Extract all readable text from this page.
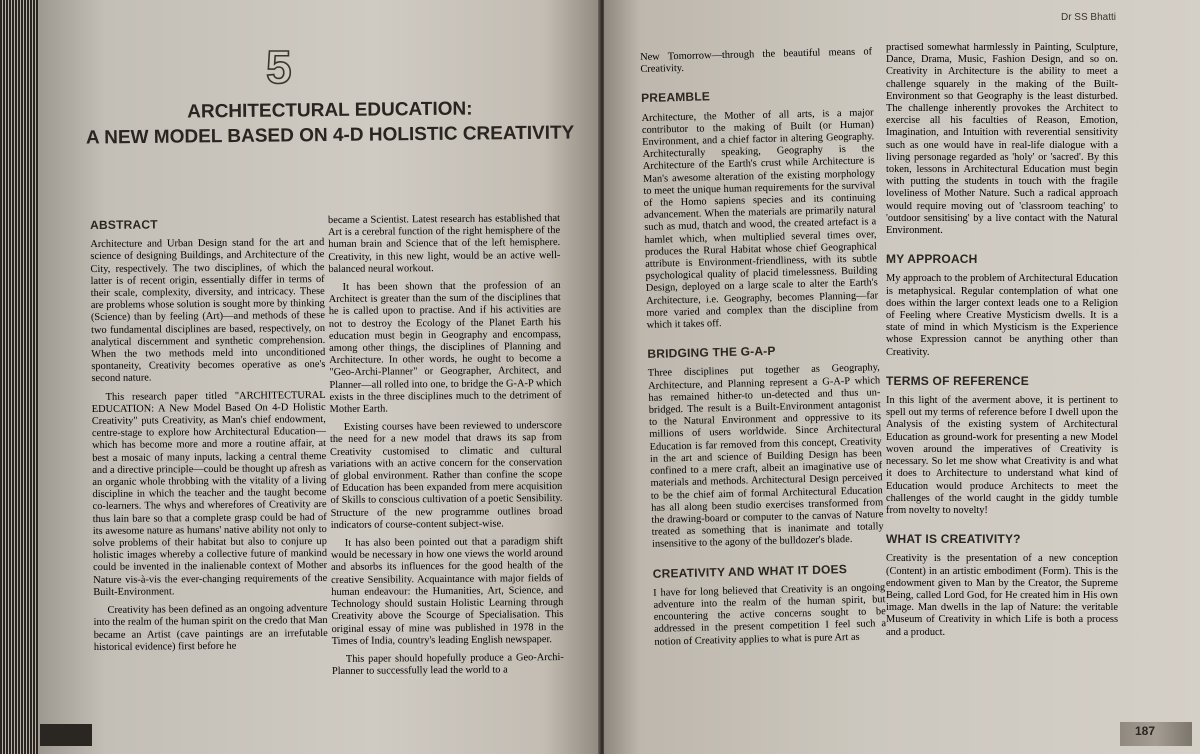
5
ARCHITECTURAL EDUCATION:
A NEW MODEL BASED ON 4-D HOLISTIC CREATIVITY
ABSTRACT

Architecture and Urban Design stand for the art and science of designing Buildings, and Architecture of the City, respectively. The two disciplines, of which the latter is of recent origin, essentially differ in terms of their scale, complexity, diversity, and intricacy. These are problems whose solution is sought more by thinking (Science) than by feeling (Art)—and methods of these two fundamental disciplines are based, respectively, on analytical discernment and synthetic comprehension. When the two methods meld into unconditioned spontaneity, Creativity becomes operative as one's second nature.

This research paper titled "ARCHITECTURAL EDUCATION: A New Model Based On 4-D Holistic Creativity" puts Creativity, as Man's chief endowment, centre-stage to explore how Architectural Education—which has become more and more a routine affair, at best a mosaic of many inputs, lacking a central theme and a directive principle—could be thought up afresh as an organic whole throbbing with the vitality of a living discipline in which the teacher and the taught become co-learners. The whys and wherefores of Creativity are thus lain bare so that a complete grasp could be had of its awesome nature as humans' native ability not only to solve problems of their habitat but also to conjure up holistic images whereby a collective future of mankind could be invented in the inalienable context of Mother Nature vis-à-vis the ever-changing requirements of the Built-Environment.

Creativity has been defined as an ongoing adventure into the realm of the human spirit on the credo that Man became an Artist (cave paintings are an irrefutable historical evidence) first before he

became a Scientist. Latest research has established that Art is a cerebral function of the right hemisphere of the human brain and Science that of the left hemisphere. Creativity, in this new light, would be an active well-balanced neural workout.

It has been shown that the profession of an Architect is greater than the sum of the disciplines that he is called upon to practise. And if his activities are not to destroy the Ecology of the Planet Earth his education must begin in Geography and encompass, among other things, the disciplines of Planning and Architecture. In other words, he ought to become a "Geo-Archi-Planner" or Geographer, Architect, and Planner—all rolled into one, to bridge the G-A-P which exists in the three disciplines much to the detriment of Mother Earth.

Existing courses have been reviewed to underscore the need for a new model that draws its sap from Creativity customised to climatic and cultural variations with an active concern for the conservation of global environment. Rather than confine the scope of Education has been expanded from mere acquisition of Skills to conscious cultivation of a poetic Sensibility. Structure of the new programme outlines broad indicators of course-content subject-wise.

It has also been pointed out that a paradigm shift would be necessary in how one views the world around and absorbs its influences for the good health of the creative Sensibility. Acquaintance with major fields of human endeavour: the Humanities, Art, Science, and Technology should sustain Holistic Learning through Creativity above the Scourge of Specialisation. This original essay of mine was published in 1978 in the Times of India, country's leading English newspaper.

This paper should hopefully produce a Geo-Archi-Planner to successfully lead the world to a

Dr SS Bhatti

New Tomorrow—through the beautiful means of Creativity.

PREAMBLE

Architecture, the Mother of all arts, is a major contributor to the making of Built (or Human) Environment, and a chief factor in altering Geography. Architecturally speaking, Geography is the Architecture of the Earth's crust while Architecture is Man's awesome alteration of the existing morphology to meet the unique human requirements for the survival of the Homo sapiens species and its continuing advancement. When the materials are primarily natural such as mud, thatch and wood, the created artefact is a hamlet which, when multiplied several times over, produces the Rural Habitat whose chief Geographical attribute is Environment-friendliness, with its subtle psychological quality of placid timelessness. Building Design, deployed on a large scale to alter the Earth's Architecture, i.e. Geography, becomes Planning—far more varied and complex than the discipline from which it takes off.

BRIDGING THE G-A-P

Three disciplines put together as Geography, Architecture, and Planning represent a G-A-P which has remained hither-to un-detected and thus un-bridged. The result is a Built-Environment antagonist to the Natural Environment and oppressive to its millions of users worldwide. Since Architectural Education is far removed from this concept, Creativity in the art and science of Building Design has been confined to a mere craft, albeit an imaginative use of materials and methods. Architectural Design perceived to be the chief aim of formal Architectural Education has all along been studio exercises transformed from the drawing-board or computer to the canvas of Nature treated as something that is inanimate and totally insensitive to the agony of the bulldozer's blade.

CREATIVITY AND WHAT IT DOES

I have for long believed that Creativity is an ongoing adventure into the realm of the human spirit, but encountering the active concerns sought to be addressed in the present competition I feel such a notion of Creativity applies to what is pure Art as

practised somewhat harmlessly in Painting, Sculpture, Dance, Drama, Music, Fashion Design, and so on. Creativity in Architecture is the ability to meet a challenge squarely in the making of the Built-Environment so that Geography is the least disturbed. The challenge inherently provokes the Architect to exercise all his faculties of Reason, Emotion, Imagination, and Intuition with reverential sensitivity such as one would have in real-life dialogue with a living personage regarded as 'holy' or 'sacred'. By this token, lessons in Architectural Education must begin with putting the students in touch with the fragile loveliness of Mother Nature. Such a radical approach would require moving out of 'classroom teaching' to 'outdoor sensitising' by a live contact with the Natural Environment.

MY APPROACH

My approach to the problem of Architectural Education is metaphysical. Regular contemplation of what one does within the larger context leads one to a Religion of Feeling where Creative Mysticism dwells. It is a state of mind in which Mysticism is the Experience whose Expression cannot be anything other than Creativity.

TERMS OF REFERENCE

In this light of the averment above, it is pertinent to spell out my terms of reference before I dwell upon the Analysis of the existing system of Architectural Education as ground-work for presenting a new Model woven around the imperatives of Creativity is necessary. So let me show what Creativity is and what it does to Architecture to understand what kind of Education would produce Architects to meet the challenges of the world caught in the giddy tumble from novelty to novelty!

WHAT IS CREATIVITY?

Creativity is the presentation of a new conception (Content) in an artistic embodiment (Form). This is the endowment given to Man by the Creator, the Supreme Being, called Lord God, for He created him in His own image. Man dwells in the lap of Nature: the veritable Museum of Creativity in which Life is both a process and a product.

187
